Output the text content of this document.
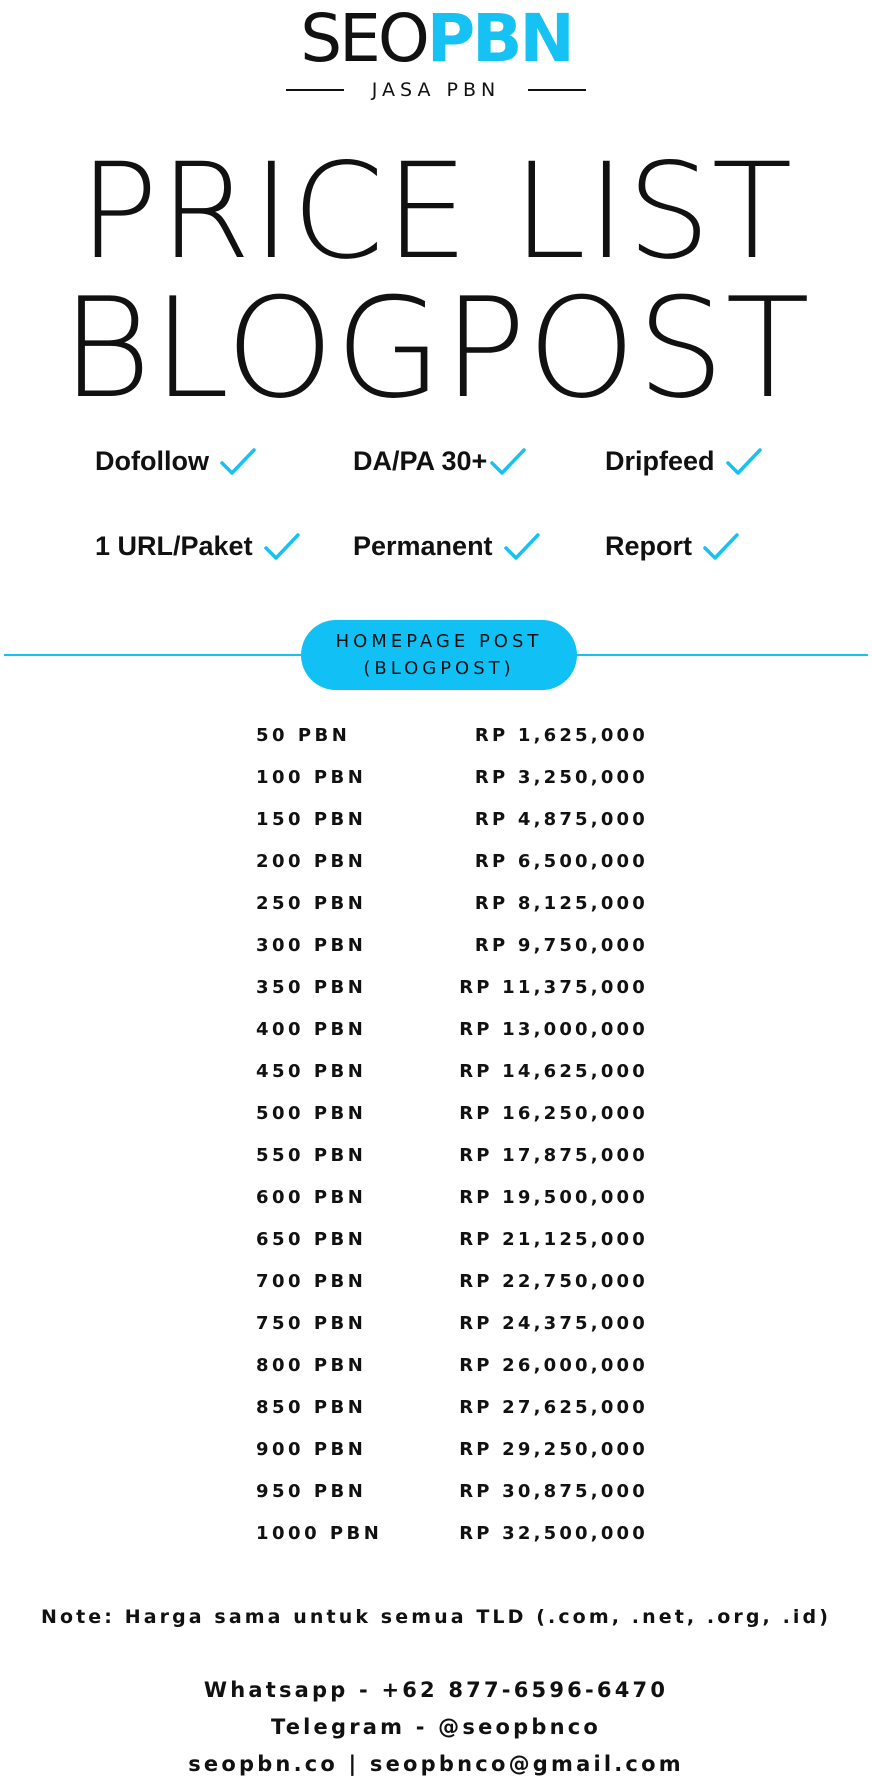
SEOPBN
JASA PBN
PRICE LIST
BLOGPOST
Dofollow	DA/PA 30+	Dripfeed
1 URL/Paket	Permanent	Report
HOMEPAGE POST
(BLOGPOST)
50 PBN	RP 1,625,000
100 PBN	RP 3,250,000
150 PBN	RP 4,875,000
200 PBN	RP 6,500,000
250 PBN	RP 8,125,000
300 PBN	RP 9,750,000
350 PBN	RP 11,375,000
400 PBN	RP 13,000,000
450 PBN	RP 14,625,000
500 PBN	RP 16,250,000
550 PBN	RP 17,875,000
600 PBN	RP 19,500,000
650 PBN	RP 21,125,000
700 PBN	RP 22,750,000
750 PBN	RP 24,375,000
800 PBN	RP 26,000,000
850 PBN	RP 27,625,000
900 PBN	RP 29,250,000
950 PBN	RP 30,875,000
1000 PBN	RP 32,500,000
Note: Harga sama untuk semua TLD (.com, .net, .org, .id)
Whatsapp - +62 877-6596-6470
Telegram - @seopbnco
seopbn.co | seopbnco@gmail.com
